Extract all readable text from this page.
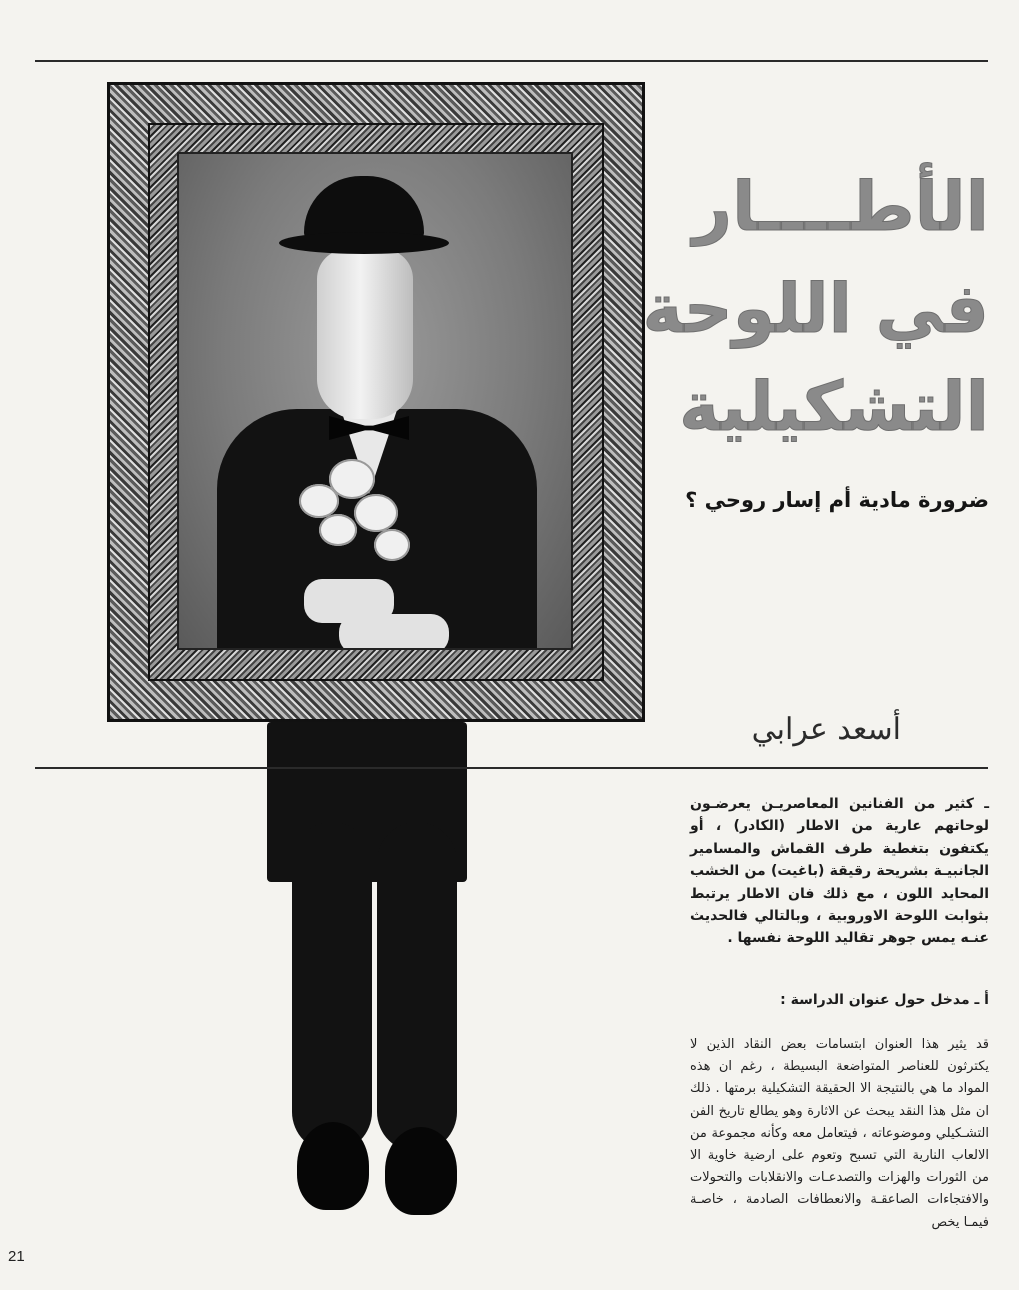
الأطــــار
في اللوحة
التشكيلية
ضرورة مادية أم إسار روحي ؟

أسعد عرابي

ـ كثير من الفنانين المعاصريـن يعرضـون لوحاتهم عارية من الاطار (الكادر) ، أو يكتفون بتغطية طرف القماش والمسامير الجانبيـة بشريحة رقيقة (باغيت) من الخشب المحايد اللون ، مع ذلك فان الاطار يرتبط بثوابت اللوحة الاوروبية ، وبالتالي فالحديث عنـه يمس جوهر تقاليد اللوحة نفسها .

أ ـ مدخل حول عنوان الدراسة :

قد يثير هذا العنوان ابتسامات بعض النقاد الذين لا يكترثون للعناصر المتواضعة البسيطة ، رغم ان هذه المواد ما هي بالنتيجة الا الحقيقة التشكيلية برمتها . ذلك ان مثل هذا النقد يبحث عن الاثارة وهو يطالع تاريخ الفن التشـكيلي وموضوعاته ، فيتعامل معه وكأنه مجموعة من الالعاب النارية التي تسبح وتعوم على ارضية خاوية الا من الثورات والهزات والتصدعـات والانقلابات والتحولات والافتجاءات الصاعقـة والانعطافات الصادمة ، خاصـة فيمـا يخص

21
